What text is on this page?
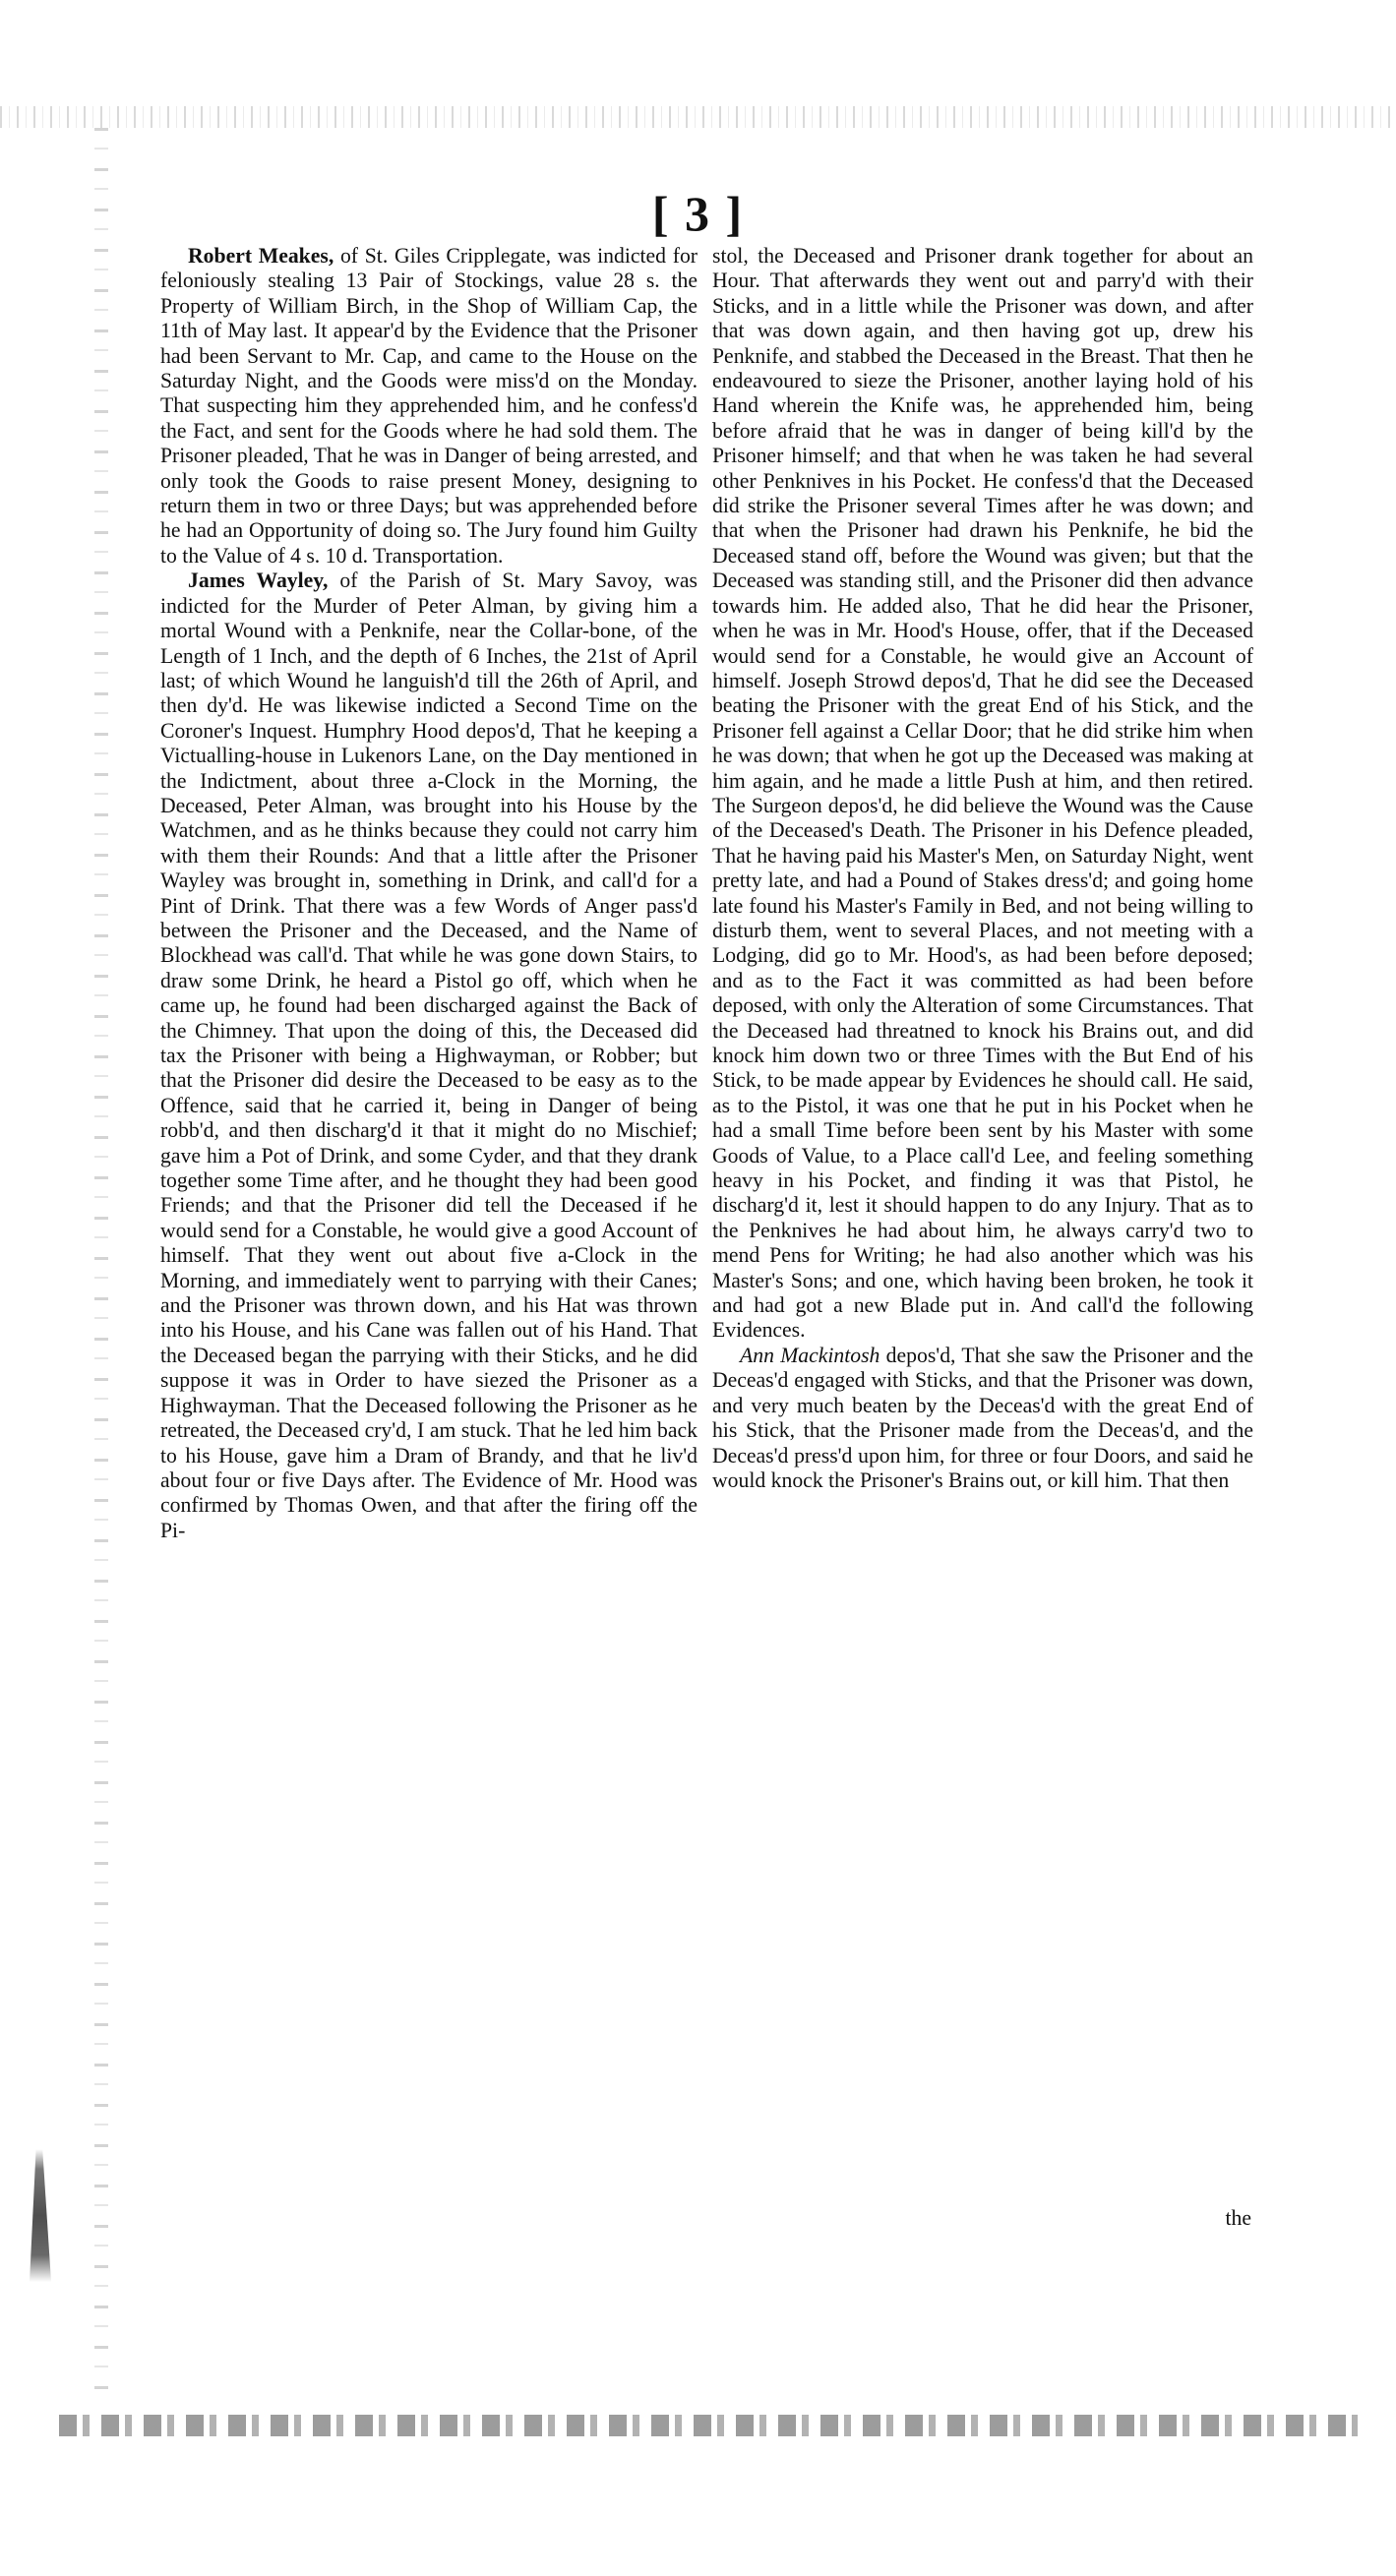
[ 3 ]

Robert Meakes, of St. Giles Cripplegate, was indicted for feloniously stealing 13 Pair of Stockings, value 28 s. the Property of William Birch, in the Shop of William Cap, the 11th of May last. It appear'd by the Evidence that the Prisoner had been Servant to Mr. Cap, and came to the House on the Saturday Night, and the Goods were miss'd on the Monday. That suspecting him they apprehended him, and he confess'd the Fact, and sent for the Goods where he had sold them. The Prisoner pleaded, That he was in Danger of being arrested, and only took the Goods to raise present Money, designing to return them in two or three Days; but was apprehended before he had an Opportunity of doing so. The Jury found him Guilty to the Value of 4 s. 10 d. Transportation.

James Wayley, of the Parish of St. Mary Savoy, was indicted for the Murder of Peter Alman, by giving him a mortal Wound with a Penknife, near the Collar-bone, of the Length of 1 Inch, and the depth of 6 Inches, the 21st of April last; of which Wound he languish'd till the 26th of April, and then dy'd. He was likewise indicted a Second Time on the Coroner's Inquest. Humphry Hood depos'd, That he keeping a Victualling-house in Lukenors Lane, on the Day mentioned in the Indictment, about three a-Clock in the Morning, the Deceased, Peter Alman, was brought into his House by the Watchmen, and as he thinks because they could not carry him with them their Rounds: And that a little after the Prisoner Wayley was brought in, something in Drink, and call'd for a Pint of Drink. That there was a few Words of Anger pass'd between the Prisoner and the Deceased, and the Name of Blockhead was call'd. That while he was gone down Stairs, to draw some Drink, he heard a Pistol go off, which when he came up, he found had been discharged against the Back of the Chimney. That upon the doing of this, the Deceased did tax the Prisoner with being a Highwayman, or Robber; but that the Prisoner did desire the Deceased to be easy as to the Offence, said that he carried it, being in Danger of being robb'd, and then discharg'd it that it might do no Mischief; gave him a Pot of Drink, and some Cyder, and that they drank together some Time after, and he thought they had been good Friends; and that the Prisoner did tell the Deceased if he would send for a Constable, he would give a good Account of himself. That they went out about five a-Clock in the Morning, and immediately went to parrying with their Canes; and the Prisoner was thrown down, and his Hat was thrown into his House, and his Cane was fallen out of his Hand. That the Deceased began the parrying with their Sticks, and he did suppose it was in Order to have siezed the Prisoner as a Highwayman. That the Deceased following the Prisoner as he retreated, the Deceased cry'd, I am stuck. That he led him back to his House, gave him a Dram of Brandy, and that he liv'd about four or five Days after. The Evidence of Mr. Hood was confirmed by Thomas Owen, and that after the firing off the Pi-

stol, the Deceased and Prisoner drank together for about an Hour. That afterwards they went out and parry'd with their Sticks, and in a little while the Prisoner was down, and after that was down again, and then having got up, drew his Penknife, and stabbed the Deceased in the Breast. That then he endeavoured to sieze the Prisoner, another laying hold of his Hand wherein the Knife was, he apprehended him, being before afraid that he was in danger of being kill'd by the Prisoner himself; and that when he was taken he had several other Penknives in his Pocket. He confess'd that the Deceased did strike the Prisoner several Times after he was down; and that when the Prisoner had drawn his Penknife, he bid the Deceased stand off, before the Wound was given; but that the Deceased was standing still, and the Prisoner did then advance towards him. He added also, That he did hear the Prisoner, when he was in Mr. Hood's House, offer, that if the Deceased would send for a Constable, he would give an Account of himself. Joseph Strowd depos'd, That he did see the Deceased beating the Prisoner with the great End of his Stick, and the Prisoner fell against a Cellar Door; that he did strike him when he was down; that when he got up the Deceased was making at him again, and he made a little Push at him, and then retired. The Surgeon depos'd, he did believe the Wound was the Cause of the Deceased's Death. The Prisoner in his Defence pleaded, That he having paid his Master's Men, on Saturday Night, went pretty late, and had a Pound of Stakes dress'd; and going home late found his Master's Family in Bed, and not being willing to disturb them, went to several Places, and not meeting with a Lodging, did go to Mr. Hood's, as had been before deposed; and as to the Fact it was committed as had been before deposed, with only the Alteration of some Circumstances. That the Deceased had threatned to knock his Brains out, and did knock him down two or three Times with the But End of his Stick, to be made appear by Evidences he should call. He said, as to the Pistol, it was one that he put in his Pocket when he had a small Time before been sent by his Master with some Goods of Value, to a Place call'd Lee, and feeling something heavy in his Pocket, and finding it was that Pistol, he discharg'd it, lest it should happen to do any Injury. That as to the Penknives he had about him, he always carry'd two to mend Pens for Writing; he had also another which was his Master's Sons; and one, which having been broken, he took it and had got a new Blade put in. And call'd the following Evidences.

Ann Mackintosh depos'd, That she saw the Prisoner and the Deceas'd engaged with Sticks, and that the Prisoner was down, and very much beaten by the Deceas'd with the great End of his Stick, that the Prisoner made from the Deceas'd, and the Deceas'd press'd upon him, for three or four Doors, and said he would knock the Prisoner's Brains out, or kill him. That then

the
